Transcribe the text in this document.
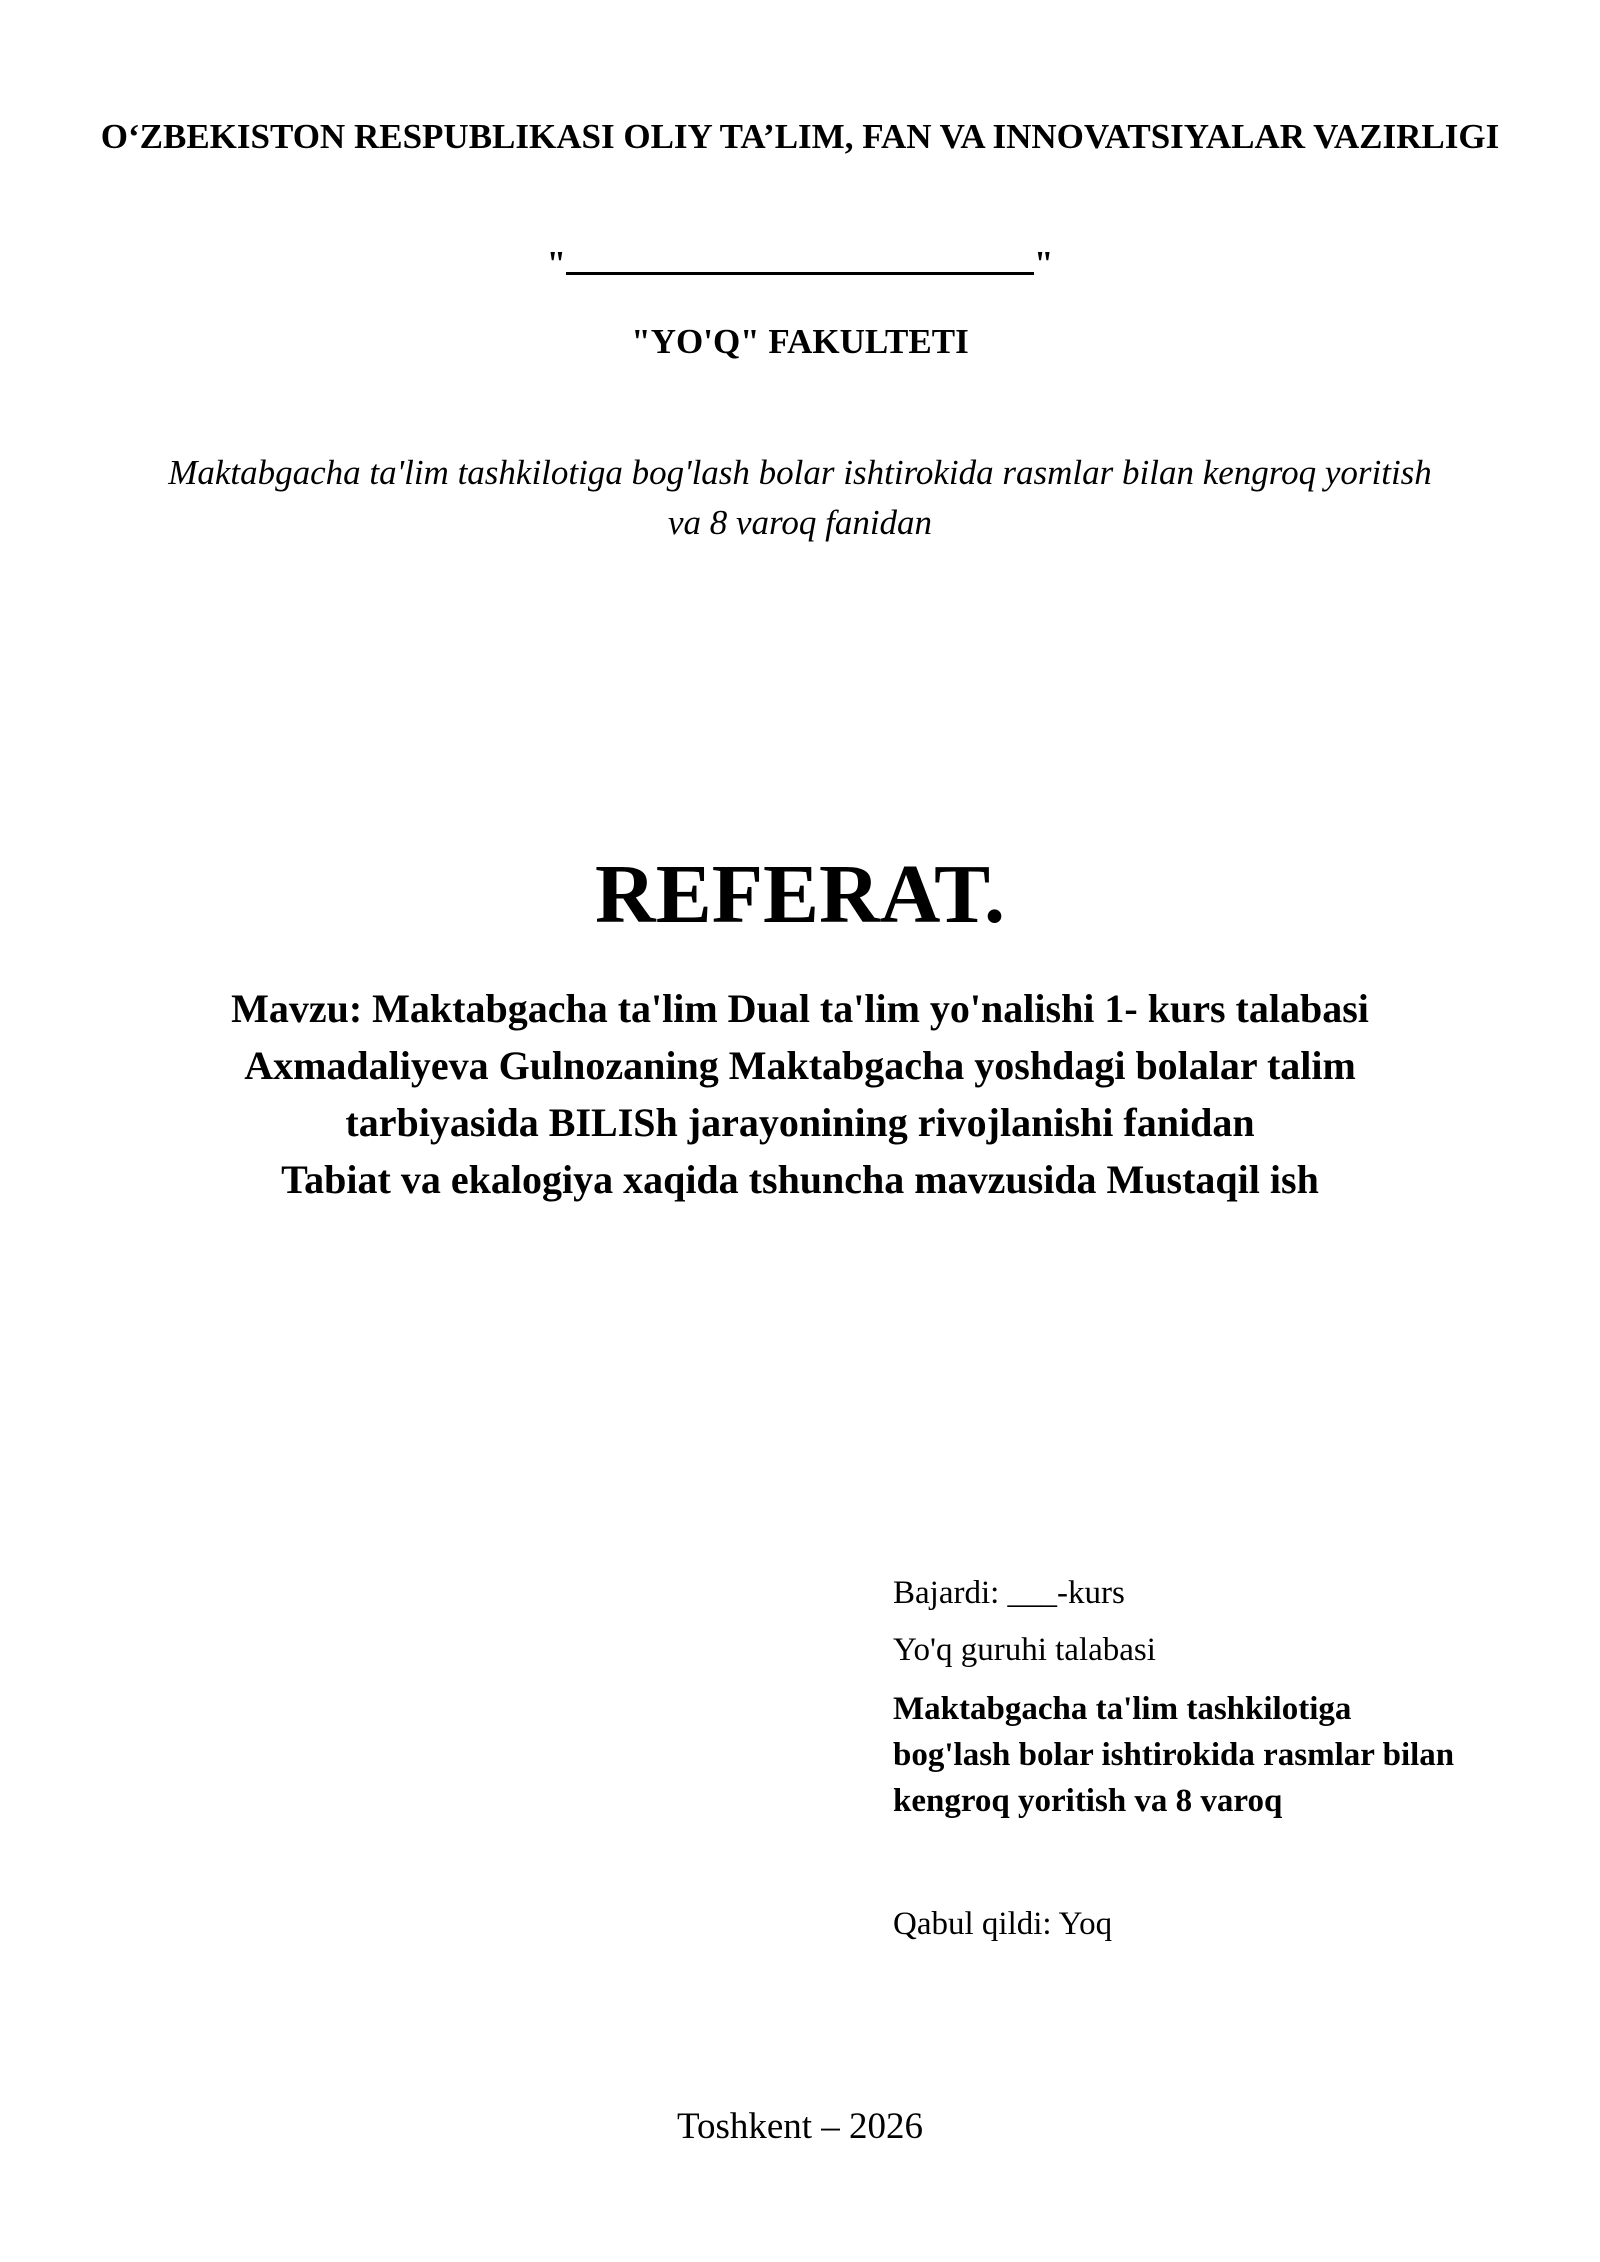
O‘ZBEKISTON RESPUBLIKASI OLIY TA’LIM, FAN VA INNOVATSIYALAR VAZIRLIGI
"	"
"YO'Q" FAKULTETI
Maktabgacha ta'lim tashkilotiga bog'lash bolar ishtirokida rasmlar bilan kengroq yoritish
va 8 varoq fanidan
REFERAT.
Mavzu: Maktabgacha ta'lim Dual ta'lim yo'nalishi 1- kurs talabasi
Axmadaliyeva Gulnozaning Maktabgacha yoshdagi bolalar talim
tarbiyasida BILISh jarayonining rivojlanishi fanidan
Tabiat va ekalogiya xaqida tshuncha mavzusida Mustaqil ish
Bajardi: ___-kurs
Yo'q guruhi talabasi
Maktabgacha ta'lim tashkilotiga
bog'lash bolar ishtirokida rasmlar bilan
kengroq yoritish va 8 varoq
Qabul qildi: Yoq
Toshkent – 2026
